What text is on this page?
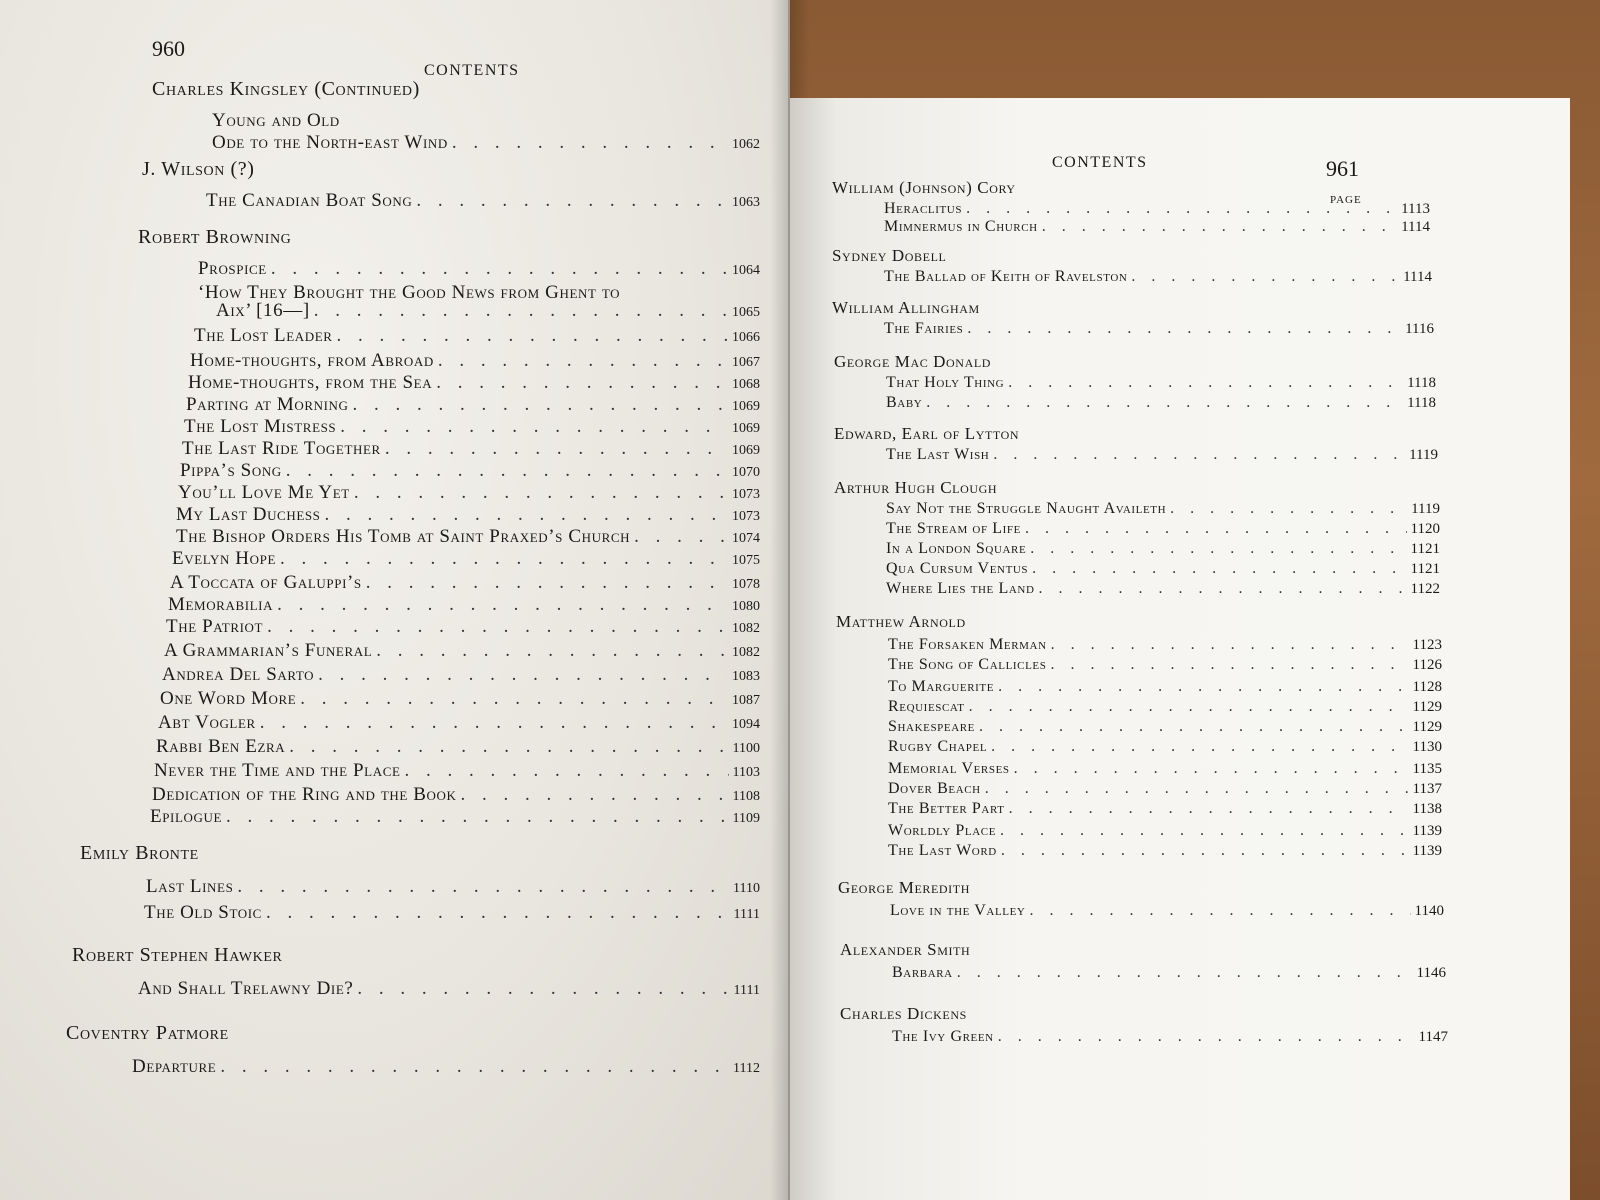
960
CONTENTS
Charles Kingsley (Continued)
Young and Old
Ode to the North-east Wind . . .	1062
J. Wilson (?)
The Canadian Boat Song . . .	1063
Robert Browning
Prospice . . .	1064
‘How They Brought the Good News from Ghent to
Aix’ [16—] . . .	1065
The Lost Leader . . .	1066
Home-thoughts, from Abroad . . .	1067
Home-thoughts, from the Sea . . .	1068
Parting at Morning . . .	1069
The Lost Mistress . . .	1069
The Last Ride Together . . .	1069
Pippa’s Song . . .	1070
You’ll Love Me Yet . . .	1073
My Last Duchess . . .	1073
The Bishop Orders His Tomb at Saint Praxed’s Church . . .	1074
Evelyn Hope . . .	1075
A Toccata of Galuppi’s . . .	1078
Memorabilia . . .	1080
The Patriot . . .	1082
A Grammarian’s Funeral . . .	1082
Andrea Del Sarto . . .	1083
One Word More . . .	1087
Abt Vogler . . .	1094
Rabbi Ben Ezra . . .	1100
Never the Time and the Place . . .	1103
Dedication of the Ring and the Book . . .	1108
Epilogue . . .	1109
Emily Bronte
Last Lines . . .	1110
The Old Stoic . . .	1111
Robert Stephen Hawker
And Shall Trelawny Die? . . .	1111
Coventry Patmore
Departure . . .	1112
CONTENTS	961
PAGE
William (Johnson) Cory
Heraclitus . . .	1113
Mimnermus in Church . . .	1114
Sydney Dobell
The Ballad of Keith of Ravelston . . .	1114
William Allingham
The Fairies . . .	1116
George Mac Donald
That Holy Thing . . .	1118
Baby . . .	1118
Edward, Earl of Lytton
The Last Wish . . .	1119
Arthur Hugh Clough
Say Not the Struggle Naught Availeth . . .	1119
The Stream of Life . . .	1120
In a London Square . . .	1121
Qua Cursum Ventus . . .	1121
Where Lies the Land . . .	1122
Matthew Arnold
The Forsaken Merman . . .	1123
The Song of Callicles . . .	1126
To Marguerite . . .	1128
Requiescat . . .	1129
Shakespeare . . .	1129
Rugby Chapel . . .	1130
Memorial Verses . . .	1135
Dover Beach . . .	1137
The Better Part . . .	1138
Worldly Place . . .	1139
The Last Word . . .	1139
George Meredith
Love in the Valley . . .	1140
Alexander Smith
Barbara . . .	1146
Charles Dickens
The Ivy Green . . .	1147
